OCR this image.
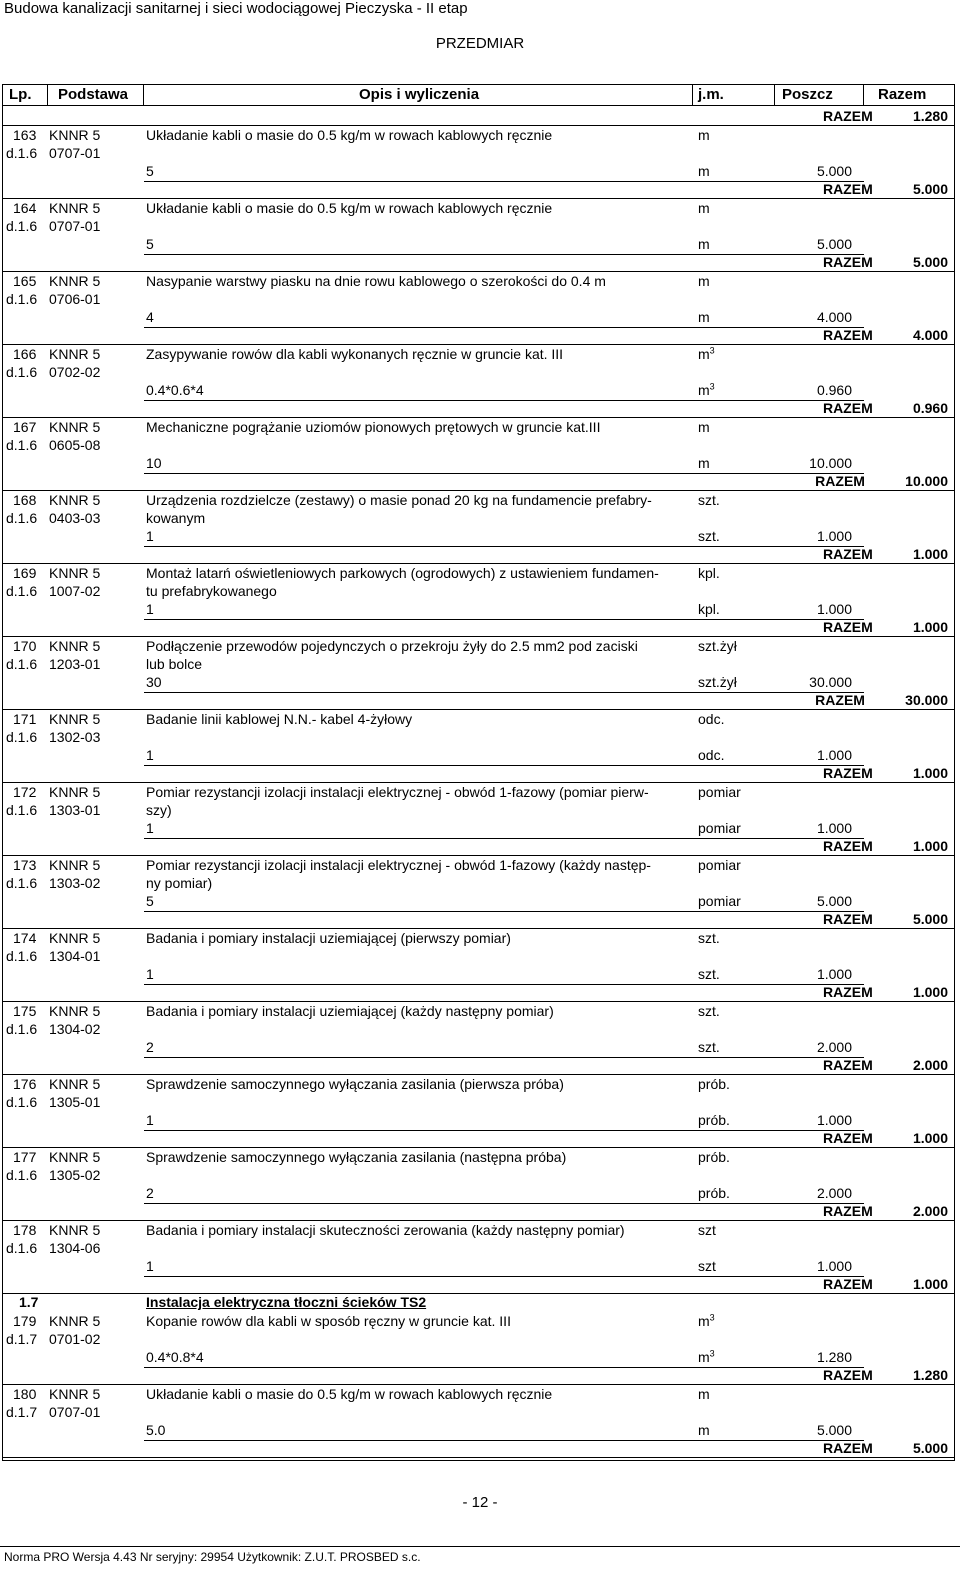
Budowa kanalizacji sanitarnej i sieci wodociągowej Pieczyska - II etap
PRZEDMIAR
Lp. Podstawa	Opis i wyliczenia	j.m.	Poszcz	Razem
RAZEM	1.280
163 KNNR 5
d.1.6 0707-01
Układanie kabli o masie do 0.5 kg/m w rowach kablowych ręcznie	m
5	m	5.000
RAZEM	5.000
164 KNNR 5
d.1.6 0707-01
Układanie kabli o masie do 0.5 kg/m w rowach kablowych ręcznie	m
5	m	5.000
RAZEM	5.000
165 KNNR 5
d.1.6 0706-01
Nasypanie warstwy piasku na dnie rowu kablowego o szerokości do 0.4 m	m
4	m	4.000
RAZEM	4.000
166 KNNR 5
d.1.6 0702-02
Zasypywanie rowów dla kabli wykonanych ręcznie w gruncie kat. III	$m^3$
0.4*0.6*4	$m^3$	0.960
RAZEM	0.960
167 KNNR 5
d.1.6 0605-08
Mechaniczne pogrążanie uziomów pionowych prętowych w gruncie kat.III	m
10	m	10.000
RAZEM	10.000
168 KNNR 5
d.1.6 0403-03
Urządzenia rozdzielcze (zestawy) o masie ponad 20 kg na fundamencie prefabry-
kowanym
szt.
1	szt.	1.000
RAZEM	1.000
169 KNNR 5
d.1.6 1007-02
Montaż latarń oświetleniowych parkowych (ogrodowych) z ustawieniem fundamen-
tu prefabrykowanego
kpl.
1	kpl.	1.000
RAZEM	1.000
170 KNNR 5
d.1.6 1203-01
Podłączenie przewodów pojedynczych o przekroju żyły do 2.5 mm2 pod zaciski
lub bolce
szt.żył
30	szt.żył	30.000
RAZEM	30.000
171 KNNR 5
d.1.6 1302-03
Badanie linii kablowej N.N.- kabel 4-żyłowy	odc.
1	odc.	1.000
RAZEM	1.000
172 KNNR 5
d.1.6 1303-01
Pomiar rezystancji izolacji instalacji elektrycznej - obwód 1-fazowy (pomiar pierw-
szy)
pomiar
1	pomiar	1.000
RAZEM	1.000
173 KNNR 5
d.1.6 1303-02
Pomiar rezystancji izolacji instalacji elektrycznej - obwód 1-fazowy (każdy następ-
ny pomiar)
pomiar
5	pomiar	5.000
RAZEM	5.000
174 KNNR 5
d.1.6 1304-01
Badania i pomiary instalacji uziemiającej (pierwszy pomiar)	szt.
1	szt.	1.000
RAZEM	1.000
175 KNNR 5
d.1.6 1304-02
Badania i pomiary instalacji uziemiającej (każdy następny pomiar)	szt.
2	szt.	2.000
RAZEM	2.000
176 KNNR 5
d.1.6 1305-01
Sprawdzenie samoczynnego wyłączania zasilania (pierwsza próba)	prób.
1	prób.	1.000
RAZEM	1.000
177 KNNR 5
d.1.6 1305-02
Sprawdzenie samoczynnego wyłączania zasilania (następna próba)	prób.
2	prób.	2.000
RAZEM	2.000
178 KNNR 5
d.1.6 1304-06
Badania i pomiary instalacji skuteczności zerowania (każdy następny pomiar)	szt
1	szt	1.000
RAZEM	1.000
1.7	Instalacja elektryczna tłoczni ścieków TS2
179 KNNR 5
d.1.7 0701-02
Kopanie rowów dla kabli w sposób ręczny w gruncie kat. III	$m^3$
0.4*0.8*4	$m^3$	1.280
RAZEM	1.280
180 KNNR 5
d.1.7 0707-01
Układanie kabli o masie do 0.5 kg/m w rowach kablowych ręcznie	m
5.0	m	5.000
RAZEM	5.000
- 12 -
Norma PRO Wersja 4.43 Nr seryjny: 29954 Użytkownik: Z.U.T. PROSBED s.c.
